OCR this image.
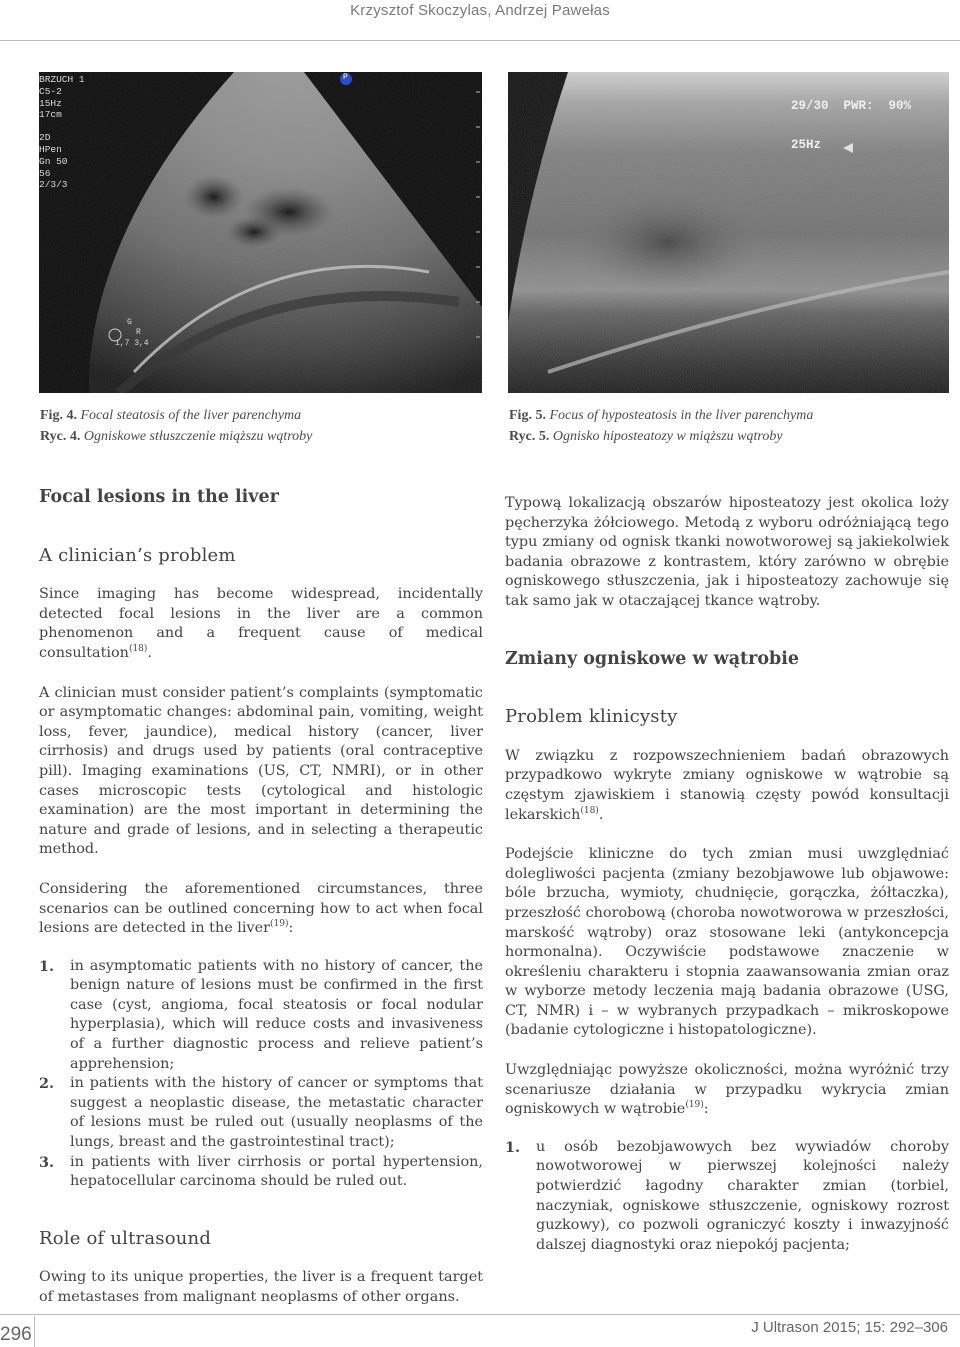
Krzysztof Skoczylas, Andrzej Pawełas
BRZUCH 1
C5-2
15Hz
17cm
2D
HPen
Gn 50
56
2/3/3
G
R
1,7 3,4
P

29/30  PWR:  90%

25Hz

Fig. 4. Focal steatosis of the liver parenchyma
Ryc. 4. Ogniskowe stłuszczenie miąższu wątroby
Fig. 5. Focus of hyposteatosis in the liver parenchyma
Ryc. 5. Ognisko hiposteatozy w miąższu wątroby
Focal lesions in the liver
A clinician’s problem

Since imaging has become widespread, incidentally detected focal lesions in the liver are a common phenomenon and a frequent cause of medical consultation$^{(18)}$.

A clinician must consider patient’s complaints (symptomatic or asymptomatic changes: abdominal pain, vomiting, weight loss, fever, jaundice), medical history (cancer, liver cirrhosis) and drugs used by patients (oral contraceptive pill). Imaging examinations (US, CT, NMRI), or in other cases microscopic tests (cytological and histologic examination) are the most important in determining the nature and grade of lesions, and in selecting a therapeutic method.

Considering the aforementioned circumstances, three scenarios can be outlined concerning how to act when focal lesions are detected in the liver$^{(19)}$:

1. in asymptomatic patients with no history of cancer, the benign nature of lesions must be confirmed in the first case (cyst, angioma, focal steatosis or focal nodular hyperplasia), which will reduce costs and invasiveness of a further diagnostic process and relieve patient’s apprehension;
2. in patients with the history of cancer or symptoms that suggest a neoplastic disease, the metastatic character of lesions must be ruled out (usually neoplasms of the lungs, breast and the gastrointestinal tract);
3. in patients with liver cirrhosis or portal hypertension, hepatocellular carcinoma should be ruled out.
Role of ultrasound

Owing to its unique properties, the liver is a frequent target of metastases from malignant neoplasms of other organs.

Typową lokalizacją obszarów hiposteatozy jest okolica loży pęcherzyka żółciowego. Metodą z wyboru odróżniającą tego typu zmiany od ognisk tkanki nowotworowej są jakiekolwiek badania obrazowe z kontrastem, który zarówno w obrębie ogniskowego stłuszczenia, jak i hiposteatozy zachowuje się tak samo jak w otaczającej tkance wątroby.

Zmiany ogniskowe w wątrobie
Problem klinicysty

W związku z rozpowszechnieniem badań obrazowych przypadkowo wykryte zmiany ogniskowe w wątrobie są częstym zjawiskiem i stanowią częsty powód konsultacji lekarskich$^{(18)}$.

Podejście kliniczne do tych zmian musi uwzględniać dolegliwości pacjenta (zmiany bezobjawowe lub objawowe: bóle brzucha, wymioty, chudnięcie, gorączka, żółtaczka), przeszłość chorobową (choroba nowotworowa w przeszłości, marskość wątroby) oraz stosowane leki (antykoncepcja hormonalna). Oczywiście podstawowe znaczenie w określeniu charakteru i stopnia zaawansowania zmian oraz w wyborze metody leczenia mają badania obrazowe (USG, CT, NMR) i – w wybranych przypadkach – mikroskopowe (badanie cytologiczne i histopatologiczne).

Uwzględniając powyższe okoliczności, można wyróżnić trzy scenariusze działania w przypadku wykrycia zmian ogniskowych w wątrobie$^{(19)}$:

1. u osób bezobjawowych bez wywiadów choroby nowotworowej w pierwszej kolejności należy potwierdzić łagodny charakter zmian (torbiel, naczyniak, ogniskowe stłuszczenie, ogniskowy rozrost guzkowy), co pozwoli ograniczyć koszty i inwazyjność dalszej diagnostyki oraz niepokój pacjenta;
296	J Ultrason 2015; 15: 292–306
